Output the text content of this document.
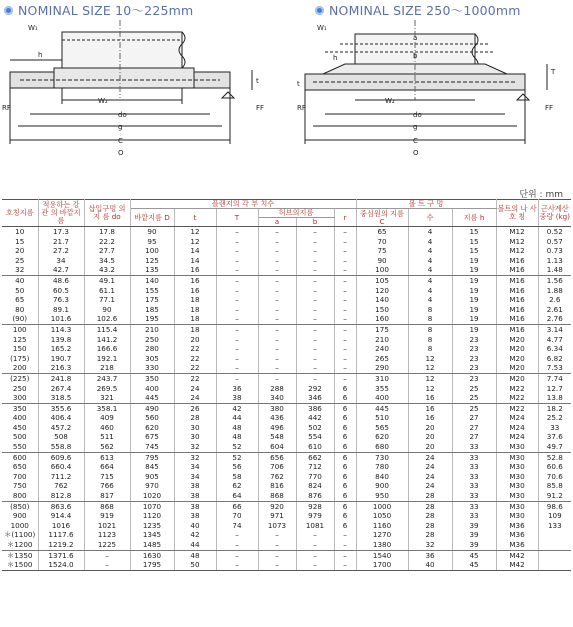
NOMINAL SIZE 10～225mm	NOMINAL SIZE 250～1000mm
W₁
h
t
W₂
do
g
C
O
RF	FF
W₁
h
a
b
T
t
W₂
do
g
C
O
RF	FF
단위 : mm
호칭지름	적용하는 강 관 의 바깥지름	삽입구멍 의 지 름 do	플랜지의 각 부 치수						볼 트 구 멍			볼트의 나 사 호 칭	근사계산 중량 (kg)
			바깥지름 D	t	T	허브의지름		r	중심원의 지름 C	수	지름 h		
						a	b						
10	17.3	17.8	90	12	–	–	–	–	65	4	15	M12	0.52
15	21.7	22.2	95	12	–	–	–	–	70	4	15	M12	0.57
20	27.2	27.7	100	14	–	–	–	–	75	4	15	M12	0.73
25	34	34.5	125	14	–	–	–	–	90	4	19	M16	1.13
32	42.7	43.2	135	16	–	–	–	–	100	4	19	M16	1.48
40	48.6	49.1	140	16	–	–	–	–	105	4	19	M16	1.56
50	60.5	61.1	155	16	–	–	–	–	120	4	19	M16	1.88
65	76.3	77.1	175	18	–	–	–	–	140	4	19	M16	2.6
80	89.1	90	185	18	–	–	–	–	150	8	19	M16	2.61
(90)	101.6	102.6	195	18	–	–	–	–	160	8	19	M16	2.76
100	114.3	115.4	210	18	–	–	–	–	175	8	19	M16	3.14
125	139.8	141.2	250	20	–	–	–	–	210	8	23	M20	4.77
150	165.2	166.6	280	22	–	–	–	–	240	8	23	M20	6.34
(175)	190.7	192.1	305	22	–	–	–	–	265	12	23	M20	6.82
200	216.3	218	330	22	–	–	–	–	290	12	23	M20	7.53
(225)	241.8	243.7	350	22	–	–	–	–	310	12	23	M20	7.74
250	267.4	269.5	400	24	36	288	292	6	355	12	25	M22	12.7
300	318.5	321	445	24	38	340	346	6	400	16	25	M22	13.8
350	355.6	358.1	490	26	42	380	386	6	445	16	25	M22	18.2
400	406.4	409	560	28	44	436	442	6	510	16	27	M24	25.2
450	457.2	460	620	30	48	496	502	6	565	20	27	M24	33
500	508	511	675	30	48	548	554	6	620	20	27	M24	37.6
550	558.8	562	745	32	52	604	610	6	680	20	33	M30	49.7
600	609.6	613	795	32	52	656	662	6	730	24	33	M30	52.8
650	660.4	664	845	34	56	706	712	6	780	24	33	M30	60.6
700	711.2	715	905	34	58	762	770	6	840	24	33	M30	70.6
750	762	766	970	38	62	816	824	6	900	24	33	M30	85.8
800	812.8	817	1020	38	64	868	876	6	950	28	33	M30	91.2
(850)	863.6	868	1070	38	66	920	928	6	1000	28	33	M30	98.6
900	914.4	919	1120	38	70	971	979	6	1050	28	33	M30	109
1000	1016	1021	1235	40	74	1073	1081	6	1160	28	39	M36	133
＊(1100)	1117.6	1123	1345	42	–	–	–	–	1270	28	39	M36	
＊1200	1219.2	1225	1485	44	–	–	–	–	1380	32	39	M36	
＊1350	1371.6	–	1630	48	–	–	–	–	1540	36	45	M42	
＊1500	1524.0	–	1795	50	–	–	–	–	1700	40	45	M42	
